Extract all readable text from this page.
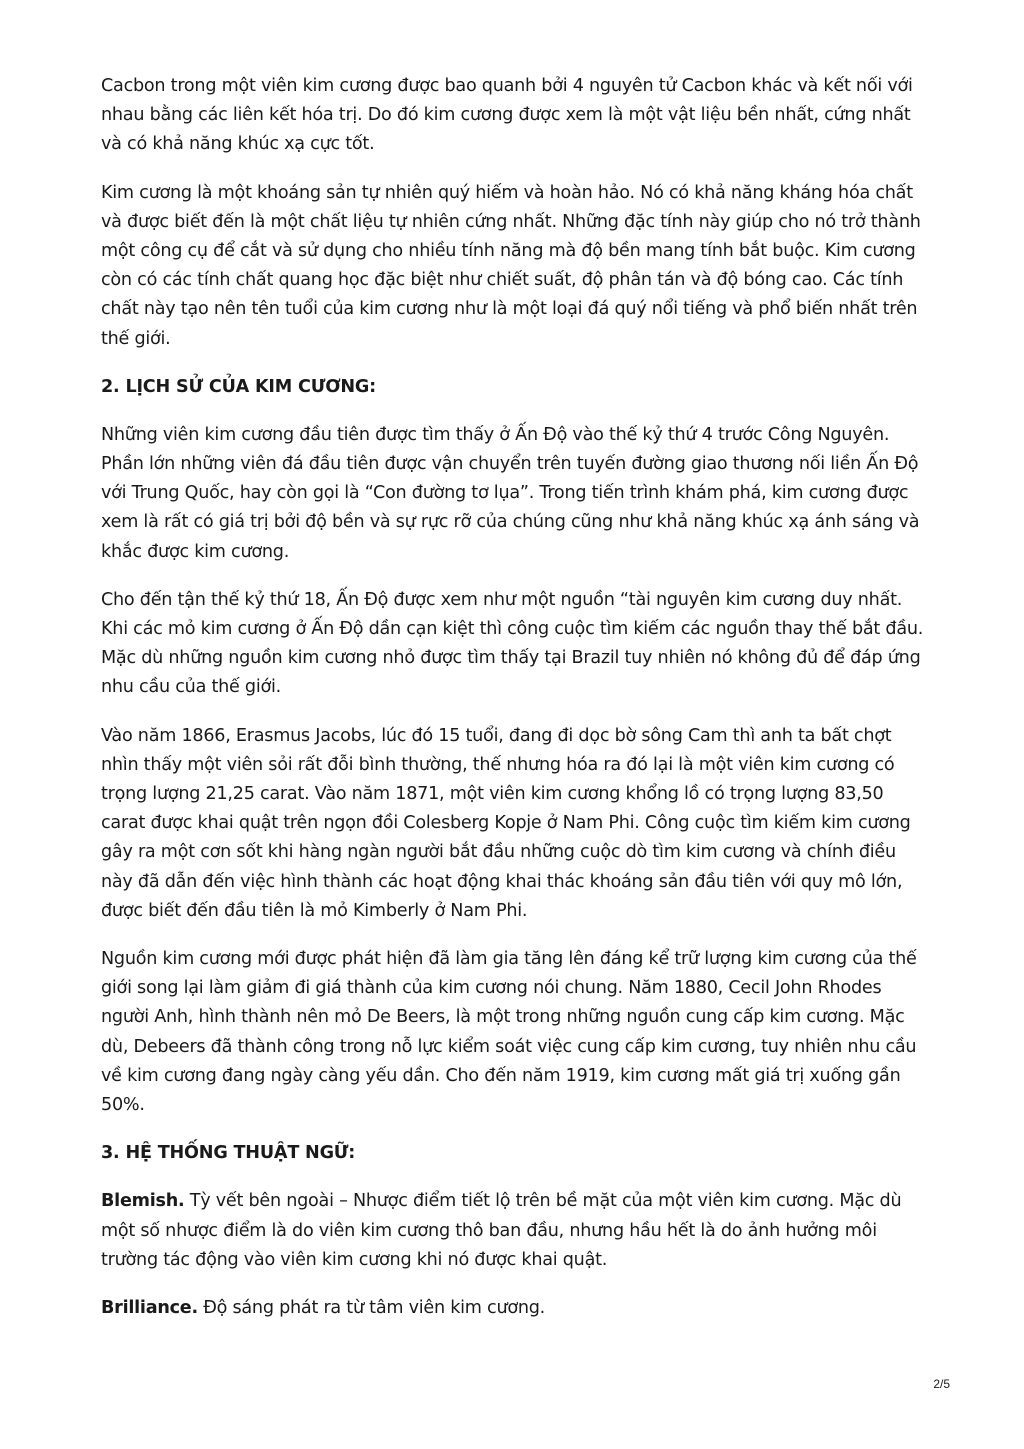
Cacbon trong một viên kim cương được bao quanh bởi 4 nguyên tử Cacbon khác và kết nối với nhau bằng các liên kết hóa trị. Do đó kim cương được xem là một vật liệu bền nhất, cứng nhất và có khả năng khúc xạ cực tốt.

Kim cương là một khoáng sản tự nhiên quý hiếm và hoàn hảo. Nó có khả năng kháng hóa chất và được biết đến là một chất liệu tự nhiên cứng nhất. Những đặc tính này giúp cho nó trở thành một công cụ để cắt và sử dụng cho nhiều tính năng mà độ bền mang tính bắt buộc. Kim cương còn có các tính chất quang học đặc biệt như chiết suất, độ phân tán và độ bóng cao. Các tính chất này tạo nên tên tuổi của kim cương như là một loại đá quý nổi tiếng và phổ biến nhất trên thế giới.

2. LỊCH SỬ CỦA KIM CƯƠNG:

Những viên kim cương đầu tiên được tìm thấy ở Ấn Độ vào thế kỷ thứ 4 trước Công Nguyên. Phần lớn những viên đá đầu tiên được vận chuyển trên tuyến đường giao thương nối liền Ấn Độ với Trung Quốc, hay còn gọi là “Con đường tơ lụa”. Trong tiến trình khám phá, kim cương được xem là rất có giá trị bởi độ bền và sự rực rỡ của chúng cũng như khả năng khúc xạ ánh sáng và khắc được kim cương.

Cho đến tận thế kỷ thứ 18, Ấn Độ được xem như một nguồn “tài nguyên kim cương duy nhất. Khi các mỏ kim cương ở Ấn Độ dần cạn kiệt thì công cuộc tìm kiếm các nguồn thay thế bắt đầu. Mặc dù những nguồn kim cương nhỏ được tìm thấy tại Brazil tuy nhiên nó không đủ để đáp ứng nhu cầu của thế giới.

Vào năm 1866, Erasmus Jacobs, lúc đó 15 tuổi, đang đi dọc bờ sông Cam thì anh ta bất chợt nhìn thấy một viên sỏi rất đỗi bình thường, thế nhưng hóa ra đó lại là một viên kim cương có trọng lượng 21,25 carat. Vào năm 1871, một viên kim cương khổng lồ có trọng lượng 83,50 carat được khai quật trên ngọn đồi Colesberg Kopje ở Nam Phi. Công cuộc tìm kiếm kim cương gây ra một cơn sốt khi hàng ngàn người bắt đầu những cuộc dò tìm kim cương và chính điều này đã dẫn đến việc hình thành các hoạt động khai thác khoáng sản đầu tiên với quy mô lớn, được biết đến đầu tiên là mỏ Kimberly ở Nam Phi.

Nguồn kim cương mới được phát hiện đã làm gia tăng lên đáng kể trữ lượng kim cương của thế giới song lại làm giảm đi giá thành của kim cương nói chung. Năm 1880, Cecil John Rhodes người Anh, hình thành nên mỏ De Beers, là một trong những nguồn cung cấp kim cương. Mặc dù, Debeers đã thành công trong nỗ lực kiểm soát việc cung cấp kim cương, tuy nhiên nhu cầu về kim cương đang ngày càng yếu dần. Cho đến năm 1919, kim cương mất giá trị xuống gần 50%.

3. HỆ THỐNG THUẬT NGỮ:

Blemish. Tỳ vết bên ngoài – Nhược điểm tiết lộ trên bề mặt của một viên kim cương. Mặc dù một số nhược điểm là do viên kim cương thô ban đầu, nhưng hầu hết là do ảnh hưởng môi trường tác động vào viên kim cương khi nó được khai quật.

Brilliance. Độ sáng phát ra từ tâm viên kim cương.

2/5
